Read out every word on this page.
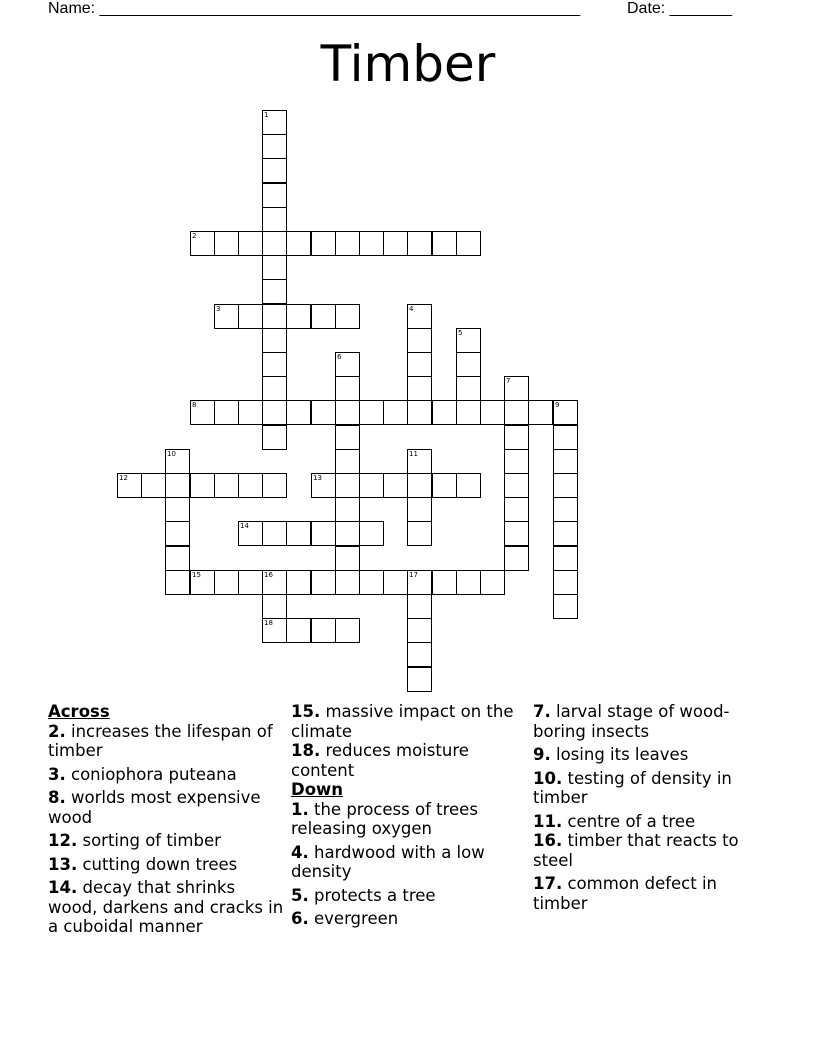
Name: ______________________________________________________	Date: _______
Timber
1
2
3	4
5
6
7
8	9
10	11
12	13
14
15	16	17
18
Across
2. increases the lifespan of timber
3. coniophora puteana
8. worlds most expensive wood
12. sorting of timber
13. cutting down trees
14. decay that shrinks wood, darkens and cracks in a cuboidal manner
15. massive impact on the climate
18. reduces moisture content
Down
1. the process of trees releasing oxygen
4. hardwood with a low density
5. protects a tree
6. evergreen
7. larval stage of wood-boring insects
9. losing its leaves
10. testing of density in timber
11. centre of a tree
16. timber that reacts to steel
17. common defect in timber
